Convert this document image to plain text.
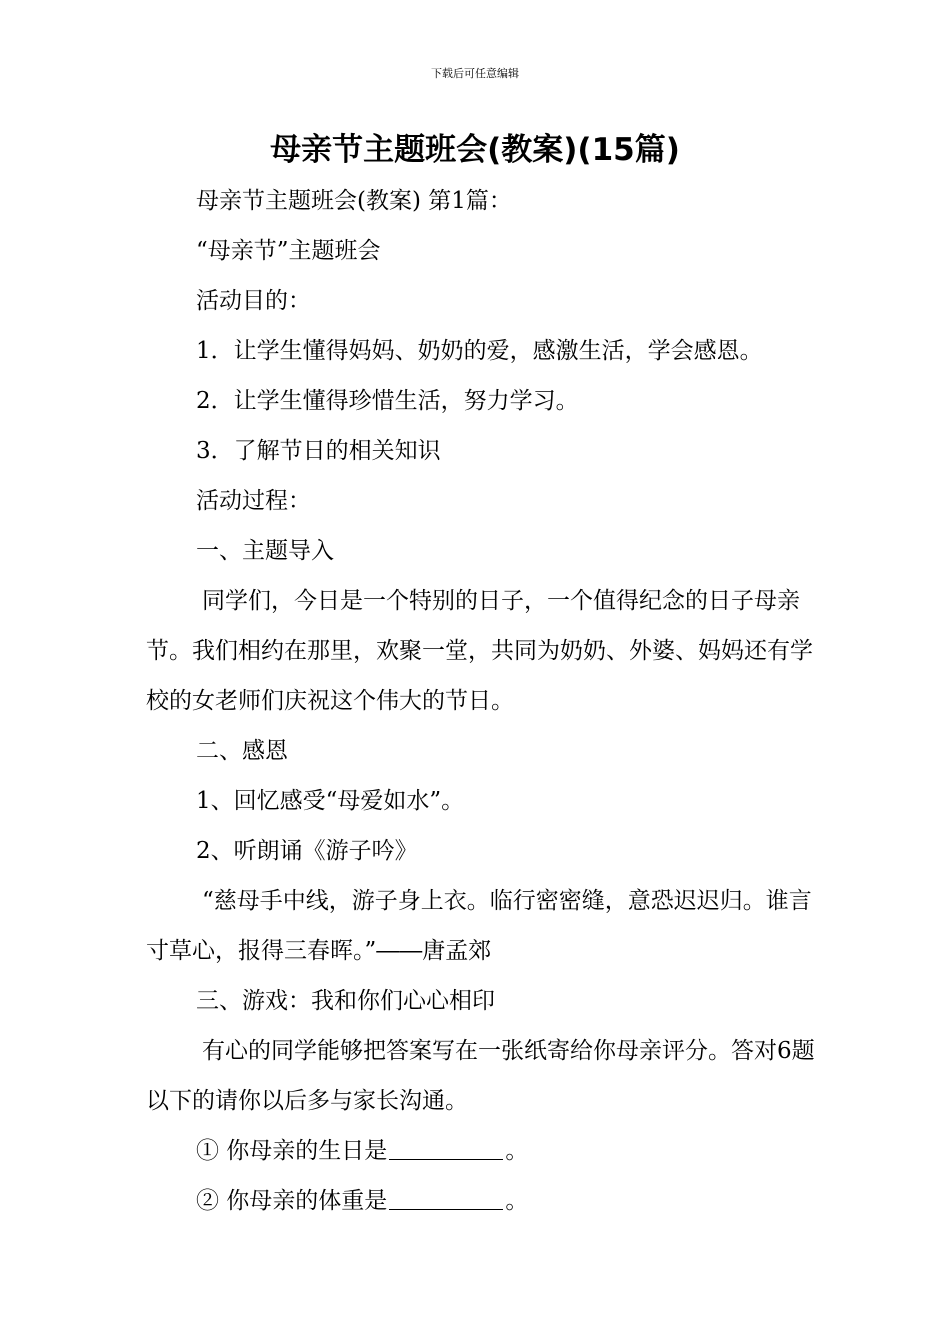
下载后可任意编辑
母亲节主题班会(教案)(15篇)

母亲节主题班会(教案) 第1篇：

“母亲节”主题班会

活动目的：

1．让学生懂得妈妈、奶奶的爱，感激生活，学会感恩。

2．让学生懂得珍惜生活，努力学习。

3．了解节日的相关知识

活动过程：

一、主题导入

同学们，今日是一个特别的日子，一个值得纪念的日子母亲节。我们相约在那里，欢聚一堂，共同为奶奶、外婆、妈妈还有学校的女老师们庆祝这个伟大的节日。

二、感恩

1、回忆感受“母爱如水”。

2、听朗诵《游子吟》

“慈母手中线，游子身上衣。临行密密缝，意恐迟迟归。谁言寸草心，报得三春晖。”――唐孟郊

三、游戏：我和你们心心相印

有心的同学能够把答案写在一张纸寄给你母亲评分。答对6题以下的请你以后多与家长沟通。

① 你母亲的生日是	。

② 你母亲的体重是	。
